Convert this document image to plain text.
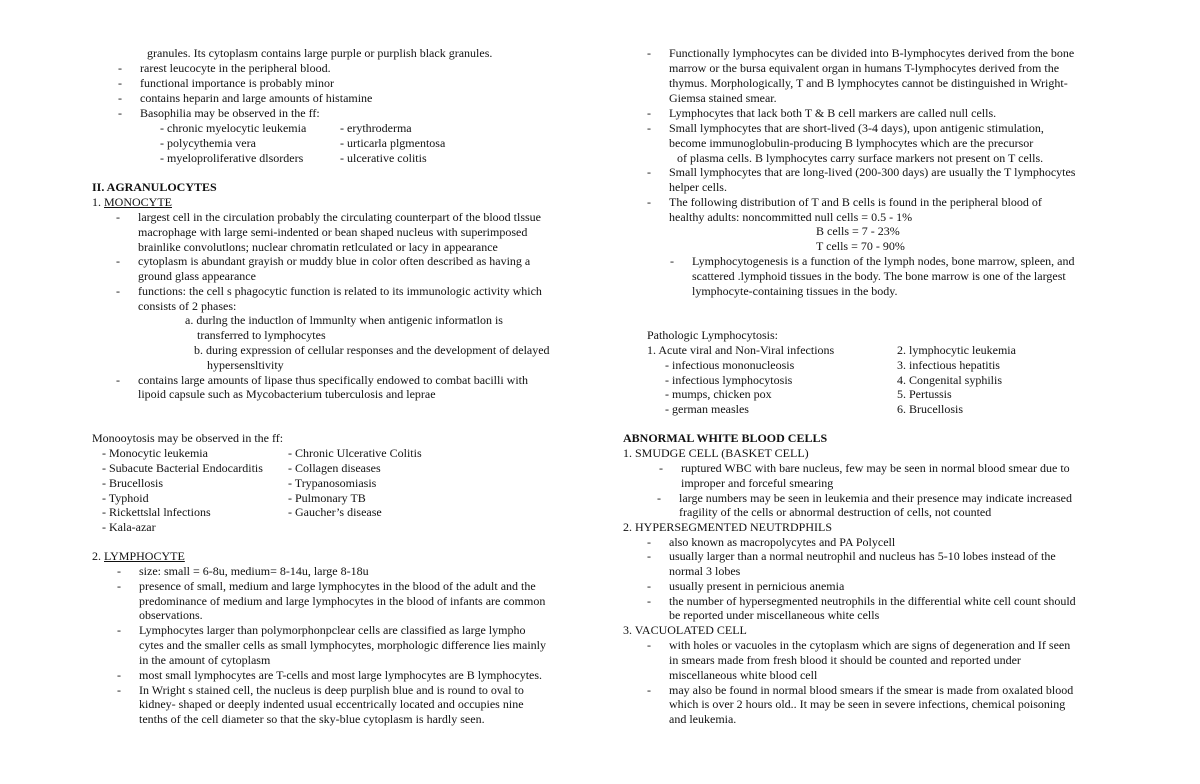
granules. Its cytoplasm contains large purple or purplish black granules.
- rarest leucocyte in the peripheral blood.
- functional importance is probably minor
- contains heparin and large amounts of histamine
- Basophilia may be observed in the ff:
- chronic myelocytic leukemia
- polycythemia vera
- myeloproliferative dlsorders
- erythroderma
- urticarla plgmentosa
- ulcerative colitis
II. AGRANULOCYTES
1. MONOCYTE
- largest cell in the circulation probably the circulating counterpart of the blood tlssue
macrophage with large semi-indented or bean shaped nucleus with superimposed
brainlike convolutlons; nuclear chromatin retlculated or lacy in appearance
- cytoplasm is abundant grayish or muddy blue in color often described as having a
ground glass appearance
- functions: the cell s phagocytic function is related to its immunologic activity which
consists of 2 phases:
a. durlng the inductlon of lmmunlty when antigenic informatlon is
transferred to lymphocytes
b. during expression of cellular responses and the development of delayed
hypersensltivity
- contains large amounts of lipase thus specifically endowed to combat bacilli with
lipoid capsule such as Mycobacterium tuberculosis and leprae
Monooytosis may be observed in the ff:
- Monocytic leukemia
- Subacute Bacterial Endocarditis
- Brucellosis
- Typhoid
- Rickettslal lnfections
- Kala-azar
- Chronic Ulcerative Colitis
- Collagen diseases
- Trypanosomiasis
- Pulmonary TB
- Gaucher’s disease
2. LYMPHOCYTE
- size: small = 6-8u, medium= 8-14u, large 8-18u
- presence of small, medium and large lymphocytes in the blood of the adult and the
predominance of medium and large lymphocytes in the blood of infants are common
observations.
- Lymphocytes larger than polymorphonpclear cells are classified as large lympho
cytes and the smaller cells as small lymphocytes, morphologic difference lies mainly
in the amount of cytoplasm
- most small lymphocytes are T-cells and most large lymphocytes are B lymphocytes.
- In Wright s stained cell, the nucleus is deep purplish blue and is round to oval to
kidney- shaped or deeply indented usual eccentrically located and occupies nine
tenths of the cell diameter so that the sky-blue cytoplasm is hardly seen.
- Functionally lymphocytes can be divided into B-lymphocytes derived from the bone
marrow or the bursa equivalent organ in humans T-lymphocytes derived from the
thymus. Morphologically, T and B lymphocytes cannot be distinguished in Wright-
Giemsa stained smear.
- Lymphocytes that lack both T & B cell markers are called null cells.
- Small lymphocytes that are short-lived (3-4 days), upon antigenic stimulation,
become immunoglobulin-producing B lymphocytes which are the precursor
of plasma cells. B lymphocytes carry surface markers not present on T cells.
- Small lymphocytes that are long-lived (200-300 days) are usually the T lymphocytes
helper cells.
- The following distribution of T and B cells is found in the peripheral blood of
healthy adults: noncommitted null cells = 0.5 - 1%
B cells = 7 - 23%
T cells = 70 - 90%
- Lymphocytogenesis is a function of the lymph nodes, bone marrow, spleen, and
scattered .lymphoid tissues in the body. The bone marrow is one of the largest
lymphocyte-containing tissues in the body.
Pathologic Lymphocytosis:
1. Acute viral and Non-Viral infections
- infectious mononucleosis
- infectious lymphocytosis
- mumps, chicken pox
- german measles
2. lymphocytic leukemia
3. infectious hepatitis
4. Congenital syphilis
5. Pertussis
6. Brucellosis
ABNORMAL WHITE BLOOD CELLS
1. SMUDGE CELL (BASKET CELL)
- ruptured WBC with bare nucleus, few may be seen in normal blood smear due to
improper and forceful smearing
- large numbers may be seen in leukemia and their presence may indicate increased
fragility of the cells or abnormal destruction of cells, not counted
2. HYPERSEGMENTED NEUTRDPHILS
- also known as macropolycytes and PA Polycell
- usually larger than a normal neutrophil and nucleus has 5-10 lobes instead of the
normal 3 lobes
- usually present in pernicious anemia
- the number of hypersegmented neutrophils in the differential white cell count should
be reported under miscellaneous white cells
3. VACUOLATED CELL
- with holes or vacuoles in the cytoplasm which are signs of degeneration and If seen
in smears made from fresh blood it should be counted and reported under
miscellaneous white blood cell
- may also be found in normal blood smears if the smear is made from oxalated blood
which is over 2 hours old.. It may be seen in severe infections, chemical poisoning
and leukemia.
